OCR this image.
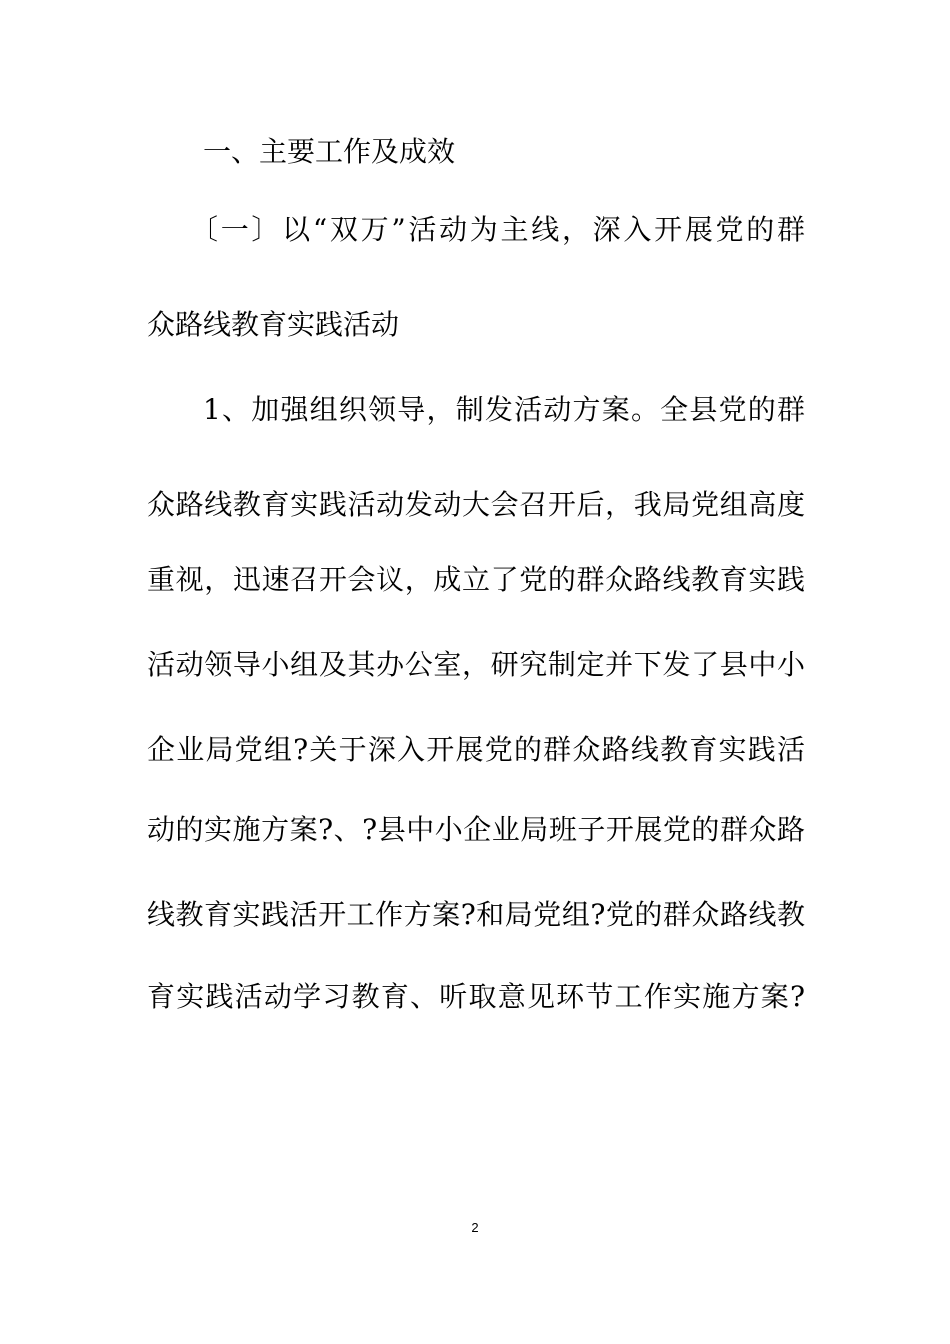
一、主要工作及成效
〔一〕以“双万”活动为主线，深入开展党的群
众路线教育实践活动
1、加强组织领导，制发活动方案。全县党的群
众路线教育实践活动发动大会召开后，我局党组高度
重视，迅速召开会议，成立了党的群众路线教育实践
活动领导小组及其办公室，研究制定并下发了县中小
企业局党组?关于深入开展党的群众路线教育实践活
动的实施方案?、?县中小企业局班子开展党的群众路
线教育实践活开工作方案?和局党组?党的群众路线教
育实践活动学习教育、听取意见环节工作实施方案?
2
